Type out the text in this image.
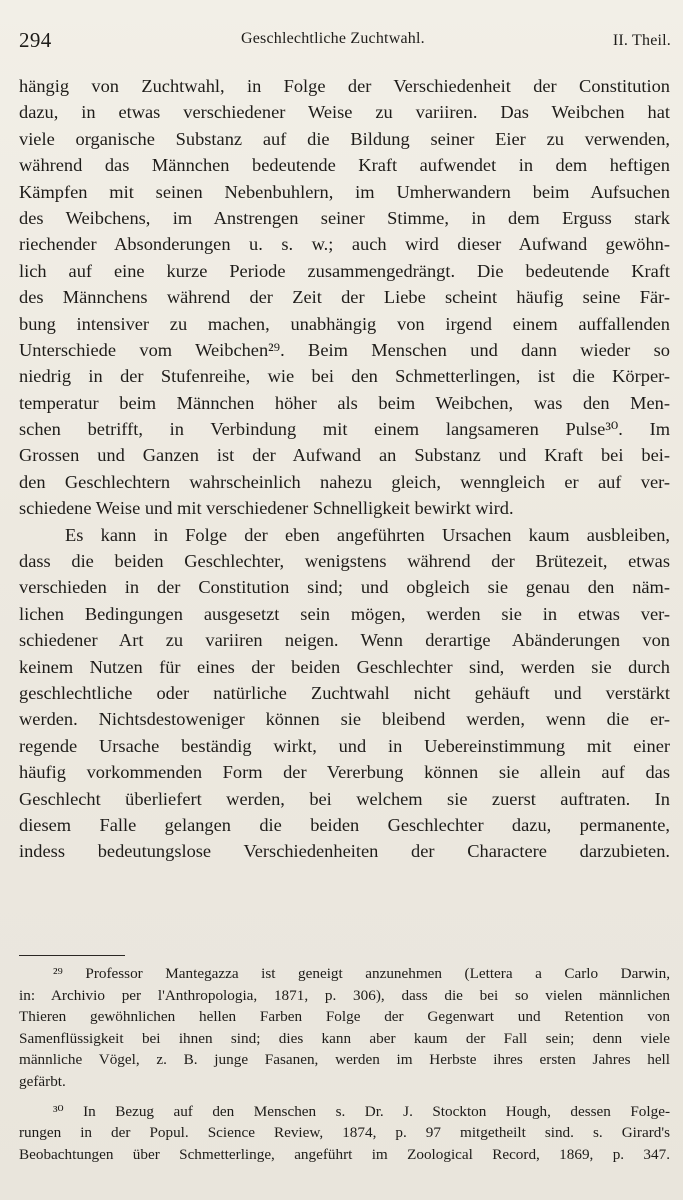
294	Geschlechtliche Zuchtwahl.	II. Theil.
hängig von Zuchtwahl, in Folge der Verschiedenheit der Constitution
dazu, in etwas verschiedener Weise zu variiren. Das Weibchen hat
viele organische Substanz auf die Bildung seiner Eier zu verwenden,
während das Männchen bedeutende Kraft aufwendet in dem heftigen
Kämpfen mit seinen Nebenbuhlern, im Umherwandern beim Aufsuchen
des Weibchens, im Anstrengen seiner Stimme, in dem Erguss stark
riechender Absonderungen u. s. w.; auch wird dieser Aufwand gewöhn-
lich auf eine kurze Periode zusammengedrängt. Die bedeutende Kraft
des Männchens während der Zeit der Liebe scheint häufig seine Fär-
bung intensiver zu machen, unabhängig von irgend einem auffallenden
Unterschiede vom Weibchen²⁹. Beim Menschen und dann wieder so
niedrig in der Stufenreihe, wie bei den Schmetterlingen, ist die Körper-
temperatur beim Männchen höher als beim Weibchen, was den Men-
schen betrifft, in Verbindung mit einem langsameren Pulse³⁰. Im
Grossen und Ganzen ist der Aufwand an Substanz und Kraft bei bei-
den Geschlechtern wahrscheinlich nahezu gleich, wenngleich er auf ver-
schiedene Weise und mit verschiedener Schnelligkeit bewirkt wird.
Es kann in Folge der eben angeführten Ursachen kaum ausbleiben,
dass die beiden Geschlechter, wenigstens während der Brütezeit, etwas
verschieden in der Constitution sind; und obgleich sie genau den näm-
lichen Bedingungen ausgesetzt sein mögen, werden sie in etwas ver-
schiedener Art zu variiren neigen. Wenn derartige Abänderungen von
keinem Nutzen für eines der beiden Geschlechter sind, werden sie durch
geschlechtliche oder natürliche Zuchtwahl nicht gehäuft und verstärkt
werden. Nichtsdestoweniger können sie bleibend werden, wenn die er-
regende Ursache beständig wirkt, und in Uebereinstimmung mit einer
häufig vorkommenden Form der Vererbung können sie allein auf das
Geschlecht überliefert werden, bei welchem sie zuerst auftraten. In
diesem Falle gelangen die beiden Geschlechter dazu, permanente,
indess bedeutungslose Verschiedenheiten der Charactere darzubieten.
²⁹ Professor Mantegazza ist geneigt anzunehmen (Lettera a Carlo Darwin,
in: Archivio per l'Anthropologia, 1871, p. 306), dass die bei so vielen männlichen
Thieren gewöhnlichen hellen Farben Folge der Gegenwart und Retention von
Samenflüssigkeit bei ihnen sind; dies kann aber kaum der Fall sein; denn viele
männliche Vögel, z. B. junge Fasanen, werden im Herbste ihres ersten Jahres hell
gefärbt.
³⁰ In Bezug auf den Menschen s. Dr. J. Stockton Hough, dessen Folge-
rungen in der Popul. Science Review, 1874, p. 97 mitgetheilt sind. s. Girard's
Beobachtungen über Schmetterlinge, angeführt im Zoological Record, 1869, p. 347.
